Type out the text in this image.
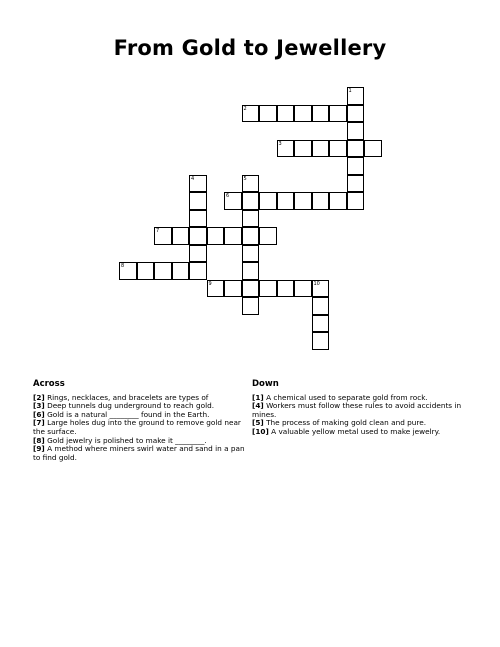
From Gold to Jewellery
1
2
3
4	5
6
7
8
9	10
Across

[2] Rings, necklaces, and bracelets are types of

[3] Deep tunnels dug underground to reach gold.

[6] Gold is a natural ________ found in the Earth.

[7] Large holes dug into the ground to remove gold near the surface.

[8] Gold jewelry is polished to make it ________.

[9] A method where miners swirl water and sand in a pan to find gold.

Down

[1] A chemical used to separate gold from rock.

[4] Workers must follow these rules to avoid accidents in mines.

[5] The process of making gold clean and pure.

[10] A valuable yellow metal used to make jewelry.
